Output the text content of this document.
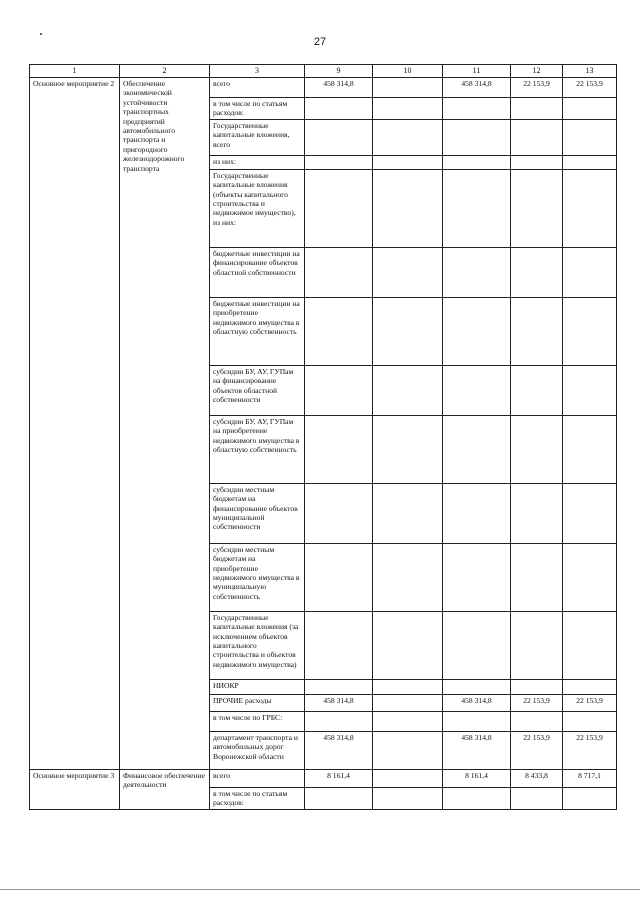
27
1	2	3	9	10	11	12	13
Основное мероприятие 2	Обеспечение экономической устойчивости транспортных предприятий автомобильного транспорта и пригородного железнодорожного транспорта	всего	458 314,8		458 314,8	22 153,9	22 153,9
		в том числе по статьям расходов:					
		Государственные капитальные вложения, всего					
		из них:					
		Государственные капитальные вложения (объекты капитального строительства и недвижимое имущество), из них:					
		бюджетные инвестиции на финансирование объектов областной собственности					
		бюджетные инвестиции на приобретение недвижимого имущества в областную собственность					
		субсидии БУ, АУ, ГУПам на финансирование объектов областной собственности					
		субсидии БУ, АУ, ГУПам на приобретение недвижимого имущества в областную собственность					
		субсидии местным бюджетам на финансирование объектов муниципальной собственности					
		субсидии местным бюджетам на приобретение недвижимого имущества в муниципальную собственность					
		Государственные капитальные вложения (за исключением объектов капитального строительства и объектов недвижимого имущества)					
		НИОКР					
		ПРОЧИЕ расходы	458 314,8		458 314,8	22 153,9	22 153,9
		в том числе по ГРБС:					
		департамент транспорта и автомобильных дорог Воронежской области	458 314,8		458 314,8	22 153,9	22 153,9
Основное мероприятие 3	Финансовое обеспечение деятельности	всего	8 161,4		8 161,4	8 433,8	8 717,1
		в том числе по статьям расходов:					
